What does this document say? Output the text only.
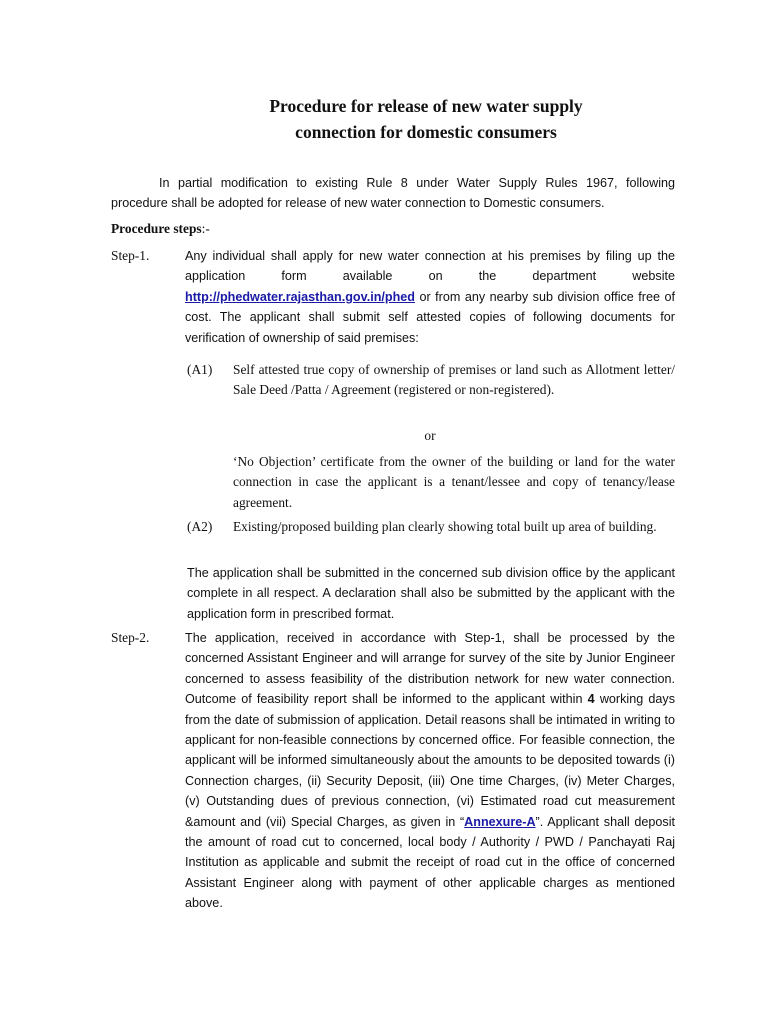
Procedure for release of new water supply
connection for domestic consumers

In partial modification to existing Rule 8 under Water Supply Rules 1967, following procedure shall be adopted for release of new water connection to Domestic consumers.

Procedure steps:-
Step-1.	Any individual shall apply for new water connection at his premises by filing up the application form available on the department website http://phedwater.rajasthan.gov.in/phed or from any nearby sub division office free of cost. The applicant shall submit self attested copies of following documents for verification of ownership of said premises:

(A1) Self attested true copy of ownership of premises or land such as Allotment letter/ Sale Deed /Patta / Agreement (registered or non-registered).
or
‘No Objection’ certificate from the owner of the building or land for the water connection in case the applicant is a tenant/lessee and copy of tenancy/lease agreement.
(A2) Existing/proposed building plan clearly showing total built up area of building.
The application shall be submitted in the concerned sub division office by the applicant complete in all respect. A declaration shall also be submitted by the applicant with the application form in prescribed format.
Step-2.	The application, received in accordance with Step-1, shall be processed by the concerned Assistant Engineer and will arrange for survey of the site by Junior Engineer concerned to assess feasibility of the distribution network for new water connection. Outcome of feasibility report shall be informed to the applicant within 4 working days from the date of submission of application. Detail reasons shall be intimated in writing to applicant for non-feasible connections by concerned office. For feasible connection, the applicant will be informed simultaneously about the amounts to be deposited towards (i) Connection charges, (ii) Security Deposit, (iii) One time Charges, (iv) Meter Charges, (v) Outstanding dues of previous connection, (vi) Estimated road cut measurement &amount and (vii) Special Charges, as given in “Annexure-A”. Applicant shall deposit the amount of road cut to concerned, local body / Authority / PWD / Panchayati Raj Institution as applicable and submit the receipt of road cut in the office of concerned Assistant Engineer along with payment of other applicable charges as mentioned above.
